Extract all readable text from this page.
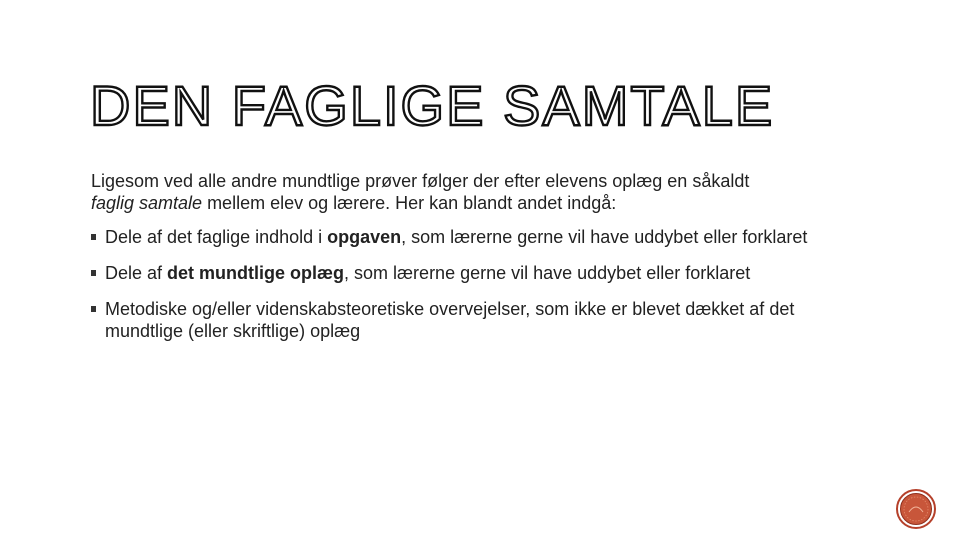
DEN FAGLIGE SAMTALE

Ligesom ved alle andre mundtlige prøver følger der efter elevens oplæg en såkaldt
faglig samtale mellem elev og lærere. Her kan blandt andet indgå:

Dele af det faglige indhold i opgaven, som lærerne gerne vil have uddybet eller forklaret
Dele af det mundtlige oplæg, som lærerne gerne vil have uddybet eller forklaret
Metodiske og/eller videnskabsteoretiske overvejelser, som ikke er blevet dækket af det mundtlige (eller skriftlige) oplæg
